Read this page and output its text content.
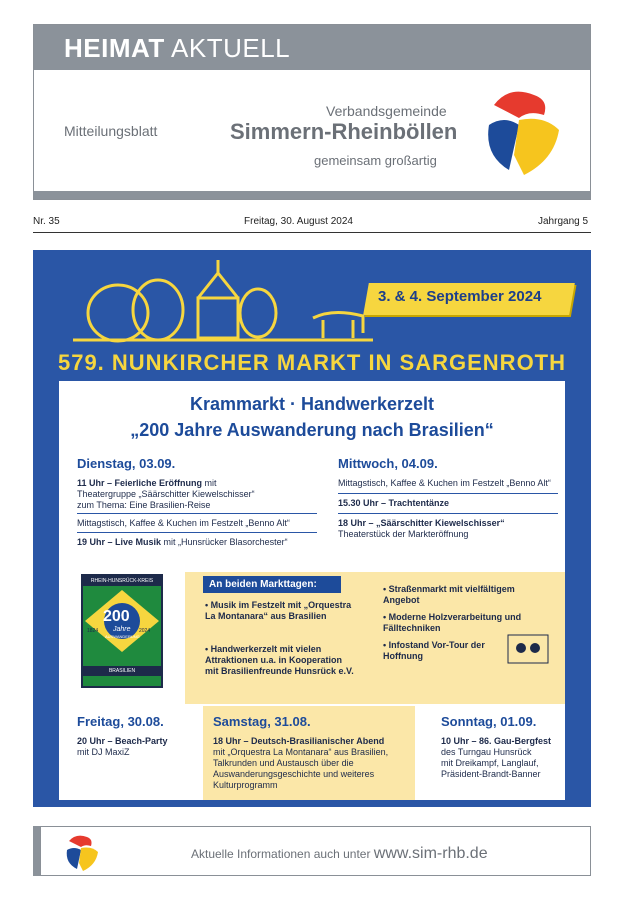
HEIMAT AKTUELL
Mitteilungsblatt
Verbandsgemeinde
Simmern-Rheinböllen
gemeinsam großartig
Nr. 35	Freitag, 30. August 2024	Jahrgang 5
3. & 4. September 2024
579. NUNKIRCHER MARKT IN SARGENROTH
Krammarkt · Handwerkerzelt
„200 Jahre Auswanderung nach Brasilien“
Dienstag, 03.09.
11 Uhr – Feierliche Eröffnung mit
Theatergruppe „Säärschitter Kiewelschisser“
zum Thema: Eine Brasilien-Reise
Mittagstisch, Kaffee & Kuchen im Festzelt „Benno Alt“
19 Uhr – Live Musik mit „Hunsrücker Blasorchester“
Mittwoch, 04.09.
Mittagstisch, Kaffee & Kuchen im Festzelt „Benno Alt“
15.30 Uhr – Trachtentänze
18 Uhr – „Säärschitter Kiewelschisser“
Theaterstück der Markteröffnung
An beiden Markttagen:
• Musik im Festzelt mit „Orquestra La Montanara“ aus Brasilien
• Handwerkerzelt mit vielen Attraktionen u.a. in Kooperation mit Brasilienfreunde Hunsrück e.V.
• Straßenmarkt mit vielfältigem Angebot
• Moderne Holzverarbeitung und Fälltechniken
• Infostand Vor-Tour der Hoffnung
RHEIN-HUNSRÜCK-KREIS
200
Jahre
AUSWANDERUNG
1824	2024
BRASILIEN
Freitag, 30.08.
20 Uhr – Beach-Party
mit DJ MaxiZ
Samstag, 31.08.
18 Uhr – Deutsch-Brasilianischer Abend
mit „Orquestra La Montanara“ aus Brasilien,
Talkrunden und Austausch über die
Auswanderungsgeschichte und weiteres
Kulturprogramm
Sonntag, 01.09.
10 Uhr – 86. Gau-Bergfest
des Turngau Hunsrück
mit Dreikampf, Langlauf,
Präsident-Brandt-Banner
Aktuelle Informationen auch unter www.sim-rhb.de
